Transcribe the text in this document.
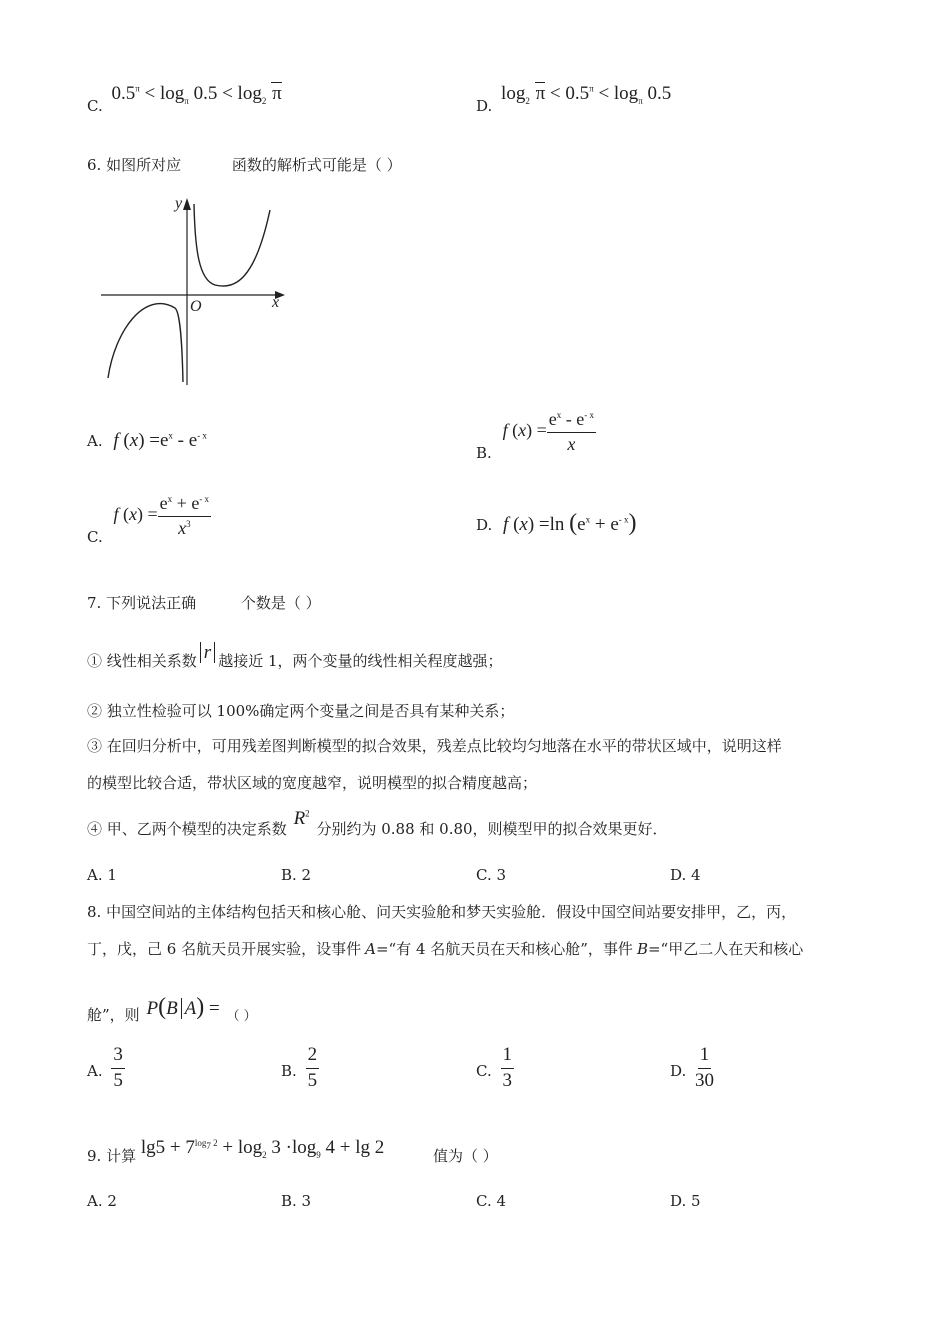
C. $0.5^\pi < \log_\pi 0.5 < \log_2 \pi$
D. $\log_2 \pi < 0.5^\pi < \log_\pi 0.5$
6. 如图所对应	函数的解析式可能是（ ）
y
x
O
A. f $(x) =e^x - e^{- x}$
B. f $(x) = \frac{e^x - e^{- x}}{x}$
C. f $(x) = \frac{e^x + e^{- x}}{x^3}$	D. f (x) =ln $(e^x + e^{- x})$
7. 下列说法正确	个数是（ ）
① 线性相关系数 r 越接近 1，两个变量的线性相关程度越强；
② 独立性检验可以 100%确定两个变量之间是否具有某种关系；
③ 在回归分析中，可用残差图判断模型的拟合效果，残差点比较均匀地落在水平的带状区域中，说明这样
的模型比较合适，带状区域的宽度越窄，说明模型的拟合精度越高；
④ 甲、乙两个模型的决定系数 $R^2$ 分别约为 0.88 和 0.80，则模型甲的拟合效果更好．
A. 1	B. 2	C. 3	D. 4
8. 中国空间站的主体结构包括天和核心舱、问天实验舱和梦天实验舱．假设中国空间站要安排甲，乙，丙，
丁，戊，己 6 名航天员开展实验，设事件 A=“有 4 名航天员在天和核心舱”，事件 B=“甲乙二人在天和核心
舱”，则 P(B A) = （ ）
A. $\frac{3}{5}$	B. $\frac{2}{5}$	C. $\frac{1}{3}$	D. $\frac{1}{30}$
9. 计算 $\lg 5 + 7^{log_7 2} + \log_2 3 \cdot\log_9$ 4 + lg 2	值为（ ）
A. 2	B. 3	C. 4	D. 5
